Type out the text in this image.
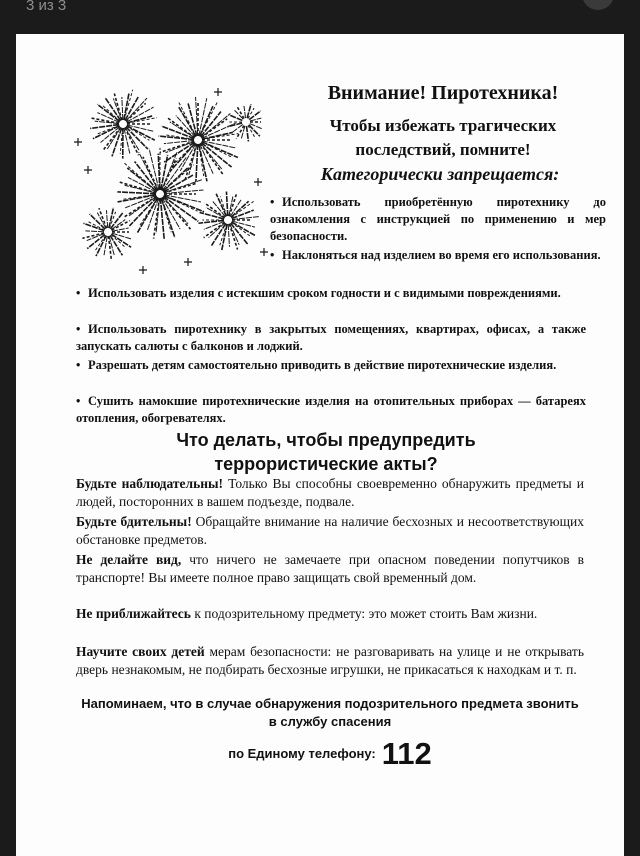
3 из 3
Внимание! Пиротехника!
Чтобы избежать трагических последствий, помните!
Категорически запрещается:

• Использовать приобретённую пиротехнику до ознакомления с инструкцией по применению и мер безопасности.

• Наклоняться над изделием во время его использования.

• Использовать изделия с истекшим сроком годности и с видимыми повреждениями.

• Использовать пиротехнику в закрытых помещениях, квартирах, офисах, а также запускать салюты с балконов и лоджий.

• Разрешать детям самостоятельно приводить в действие пиротехнические изделия.

• Сушить намокшие пиротехнические изделия на отопительных приборах — батареях отопления, обогревателях.

Что делать, чтобы предупредить террористические акты?

Будьте наблюдательны! Только Вы способны своевременно обнаружить предметы и людей, посторонних в вашем подъезде, подвале.

Будьте бдительны! Обращайте внимание на наличие бесхозных и несоответствующих обстановке предметов.

Не делайте вид, что ничего не замечаете при опасном поведении попутчиков в транспорте! Вы имеете полное право защищать свой временный дом.

Не приближайтесь к подозрительному предмету: это может стоить Вам жизни.

Научите своих детей мерам безопасности: не разговаривать на улице и не открывать дверь незнакомым, не подбирать бесхозные игрушки, не прикасаться к находкам и т. п.

Напоминаем, что в случае обнаружения подозрительного предмета звонить в службу спасения
$^{по Единому телефону:}$ 112
